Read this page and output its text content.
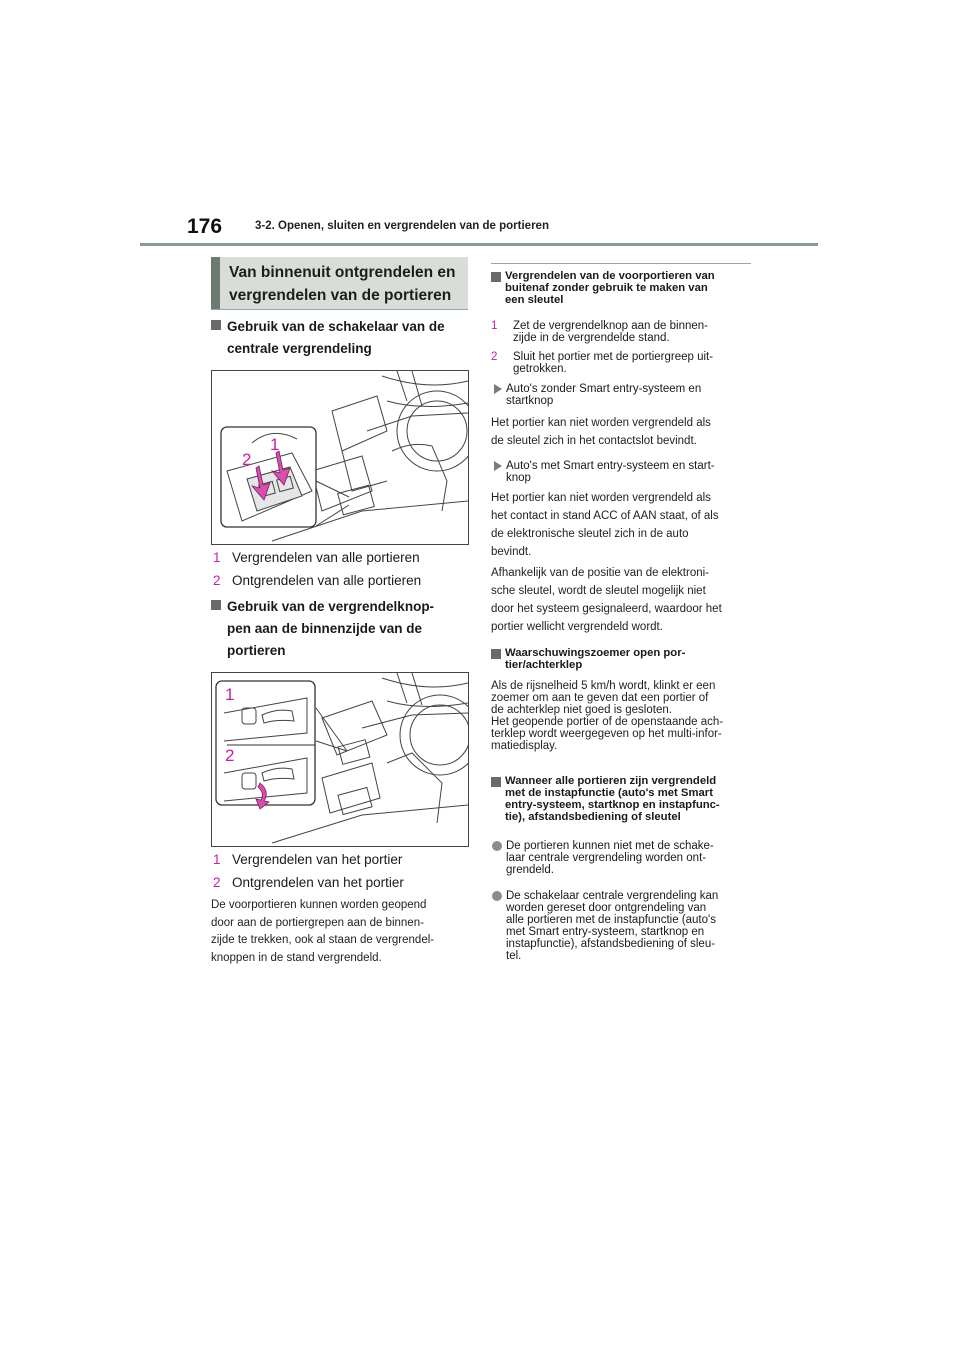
176	3-2. Openen, sluiten en vergrendelen van de portieren
Van binnenuit ontgrendelen en
vergrendelen van de portieren
Gebruik van de schakelaar van de
centrale vergrendeling
1
2
1 Vergrendelen van alle portieren
2 Ontgrendelen van alle portieren
Gebruik van de vergrendelknop-
pen aan de binnenzijde van de
portieren
1
2
1 Vergrendelen van het portier
2 Ontgrendelen van het portier

De voorportieren kunnen worden geopend

door aan de portiergrepen aan de binnen-

zijde te trekken, ook al staan de vergrendel-

knoppen in de stand vergrendeld.

Vergrendelen van de voorportieren van
buitenaf zonder gebruik te maken van
een sleutel
1 Zet de vergrendelknop aan de binnen-
zijde in de vergrendelde stand.
2 Sluit het portier met de portiergreep uit-
getrokken.
Auto's zonder Smart entry-systeem en
startknop
Het portier kan niet worden vergrendeld als
de sleutel zich in het contactslot bevindt.
Auto's met Smart entry-systeem en start-
knop
Het portier kan niet worden vergrendeld als
het contact in stand ACC of AAN staat, of als
de elektronische sleutel zich in de auto
bevindt.
Afhankelijk van de positie van de elektroni-
sche sleutel, wordt de sleutel mogelijk niet
door het systeem gesignaleerd, waardoor het
portier wellicht vergrendeld wordt.
Waarschuwingszoemer open por-
tier/achterklep
Als de rijsnelheid 5 km/h wordt, klinkt er een
zoemer om aan te geven dat een portier of
de achterklep niet goed is gesloten.
Het geopende portier of de openstaande ach-
terklep wordt weergegeven op het multi-infor-
matiedisplay.
Wanneer alle portieren zijn vergrendeld
met de instapfunctie (auto's met Smart
entry-systeem, startknop en instapfunc-
tie), afstandsbediening of sleutel
De portieren kunnen niet met de schake-
laar centrale vergrendeling worden ont-
grendeld.
De schakelaar centrale vergrendeling kan
worden gereset door ontgrendeling van
alle portieren met de instapfunctie (auto's
met Smart entry-systeem, startknop en
instapfunctie), afstandsbediening of sleu-
tel.
